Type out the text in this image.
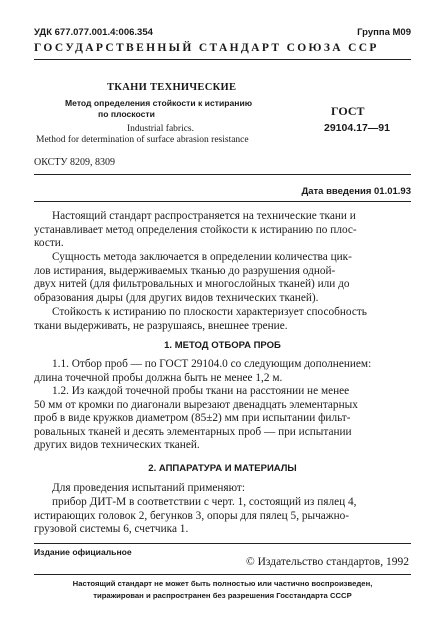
УДК 677.077.001.4:006.354	Группа М09
ГОСУДАРСТВЕННЫЙ СТАНДАРТ СОЮЗА ССР
ТКАНИ ТЕХНИЧЕСКИЕ
Метод определения стойкости к истиранию
по плоскости
Industrial fabrics.
Method for determination of surface abrasion resistance
ГОСТ
29104.17—91
ОКСТУ 8209, 8309
Дата введения 01.01.93
Настоящий стандарт распространяется на технические ткани и
устанавливает метод определения стойкости к истиранию по плос-
кости.
Сущность метода заключается в определении количества цик-
лов истирания, выдерживаемых тканью до разрушения одной-
двух нитей (для фильтровальных и многослойных тканей) или до
образования дыры (для других видов технических тканей).
Стойкость к истиранию по плоскости характеризует способность
ткани выдерживать, не разрушаясь, внешнее трение.
1. МЕТОД ОТБОРА ПРОБ
1.1. Отбор проб — по ГОСТ 29104.0 со следующим дополнением:
длина точечной пробы должна быть не менее 1,2 м.
1.2. Из каждой точечной пробы ткани на расстоянии не менее
50 мм от кромки по диагонали вырезают двенадцать элементарных
проб в виде кружков диаметром (85±2) мм при испытании фильт-
ровальных тканей и десять элементарных проб — при испытании
других видов технических тканей.
2. АППАРАТУРА И МАТЕРИАЛЫ
Для проведения испытаний применяют:
прибор ДИТ-М в соответствии с черт. 1, состоящий из пялец 4,
истирающих головок 2, бегунков 3, опоры для пялец 5, рычажно-
грузовой системы 6, счетчика 1.
Издание официальное
© Издательство стандартов, 1992
Настоящий стандарт не может быть полностью или частично воспроизведен,
тиражирован и распространен без разрешения Госстандарта СССР
